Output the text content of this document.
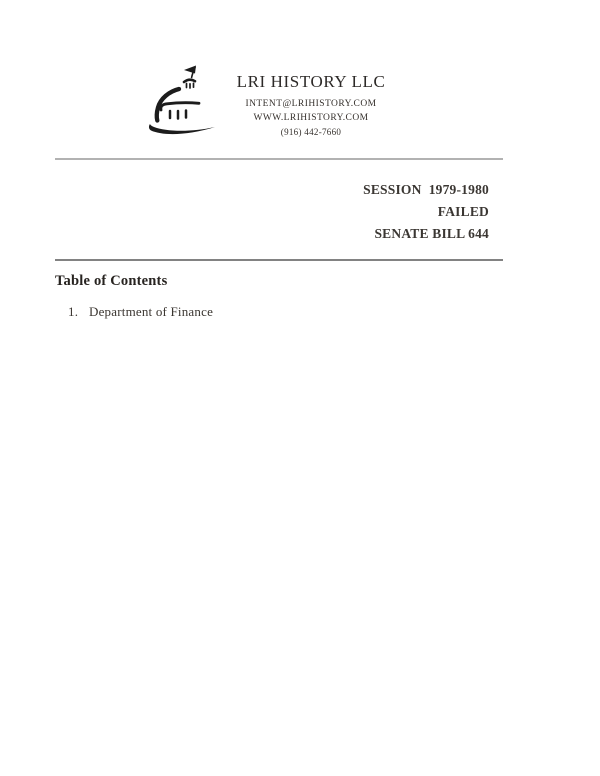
LRI HISTORY LLC
INTENT@LRIHISTORY.COM
WWW.LRIHISTORY.COM
(916) 442-7660
SESSION  1979-1980
FAILED
SENATE BILL 644
Table of Contents
1. Department of Finance
